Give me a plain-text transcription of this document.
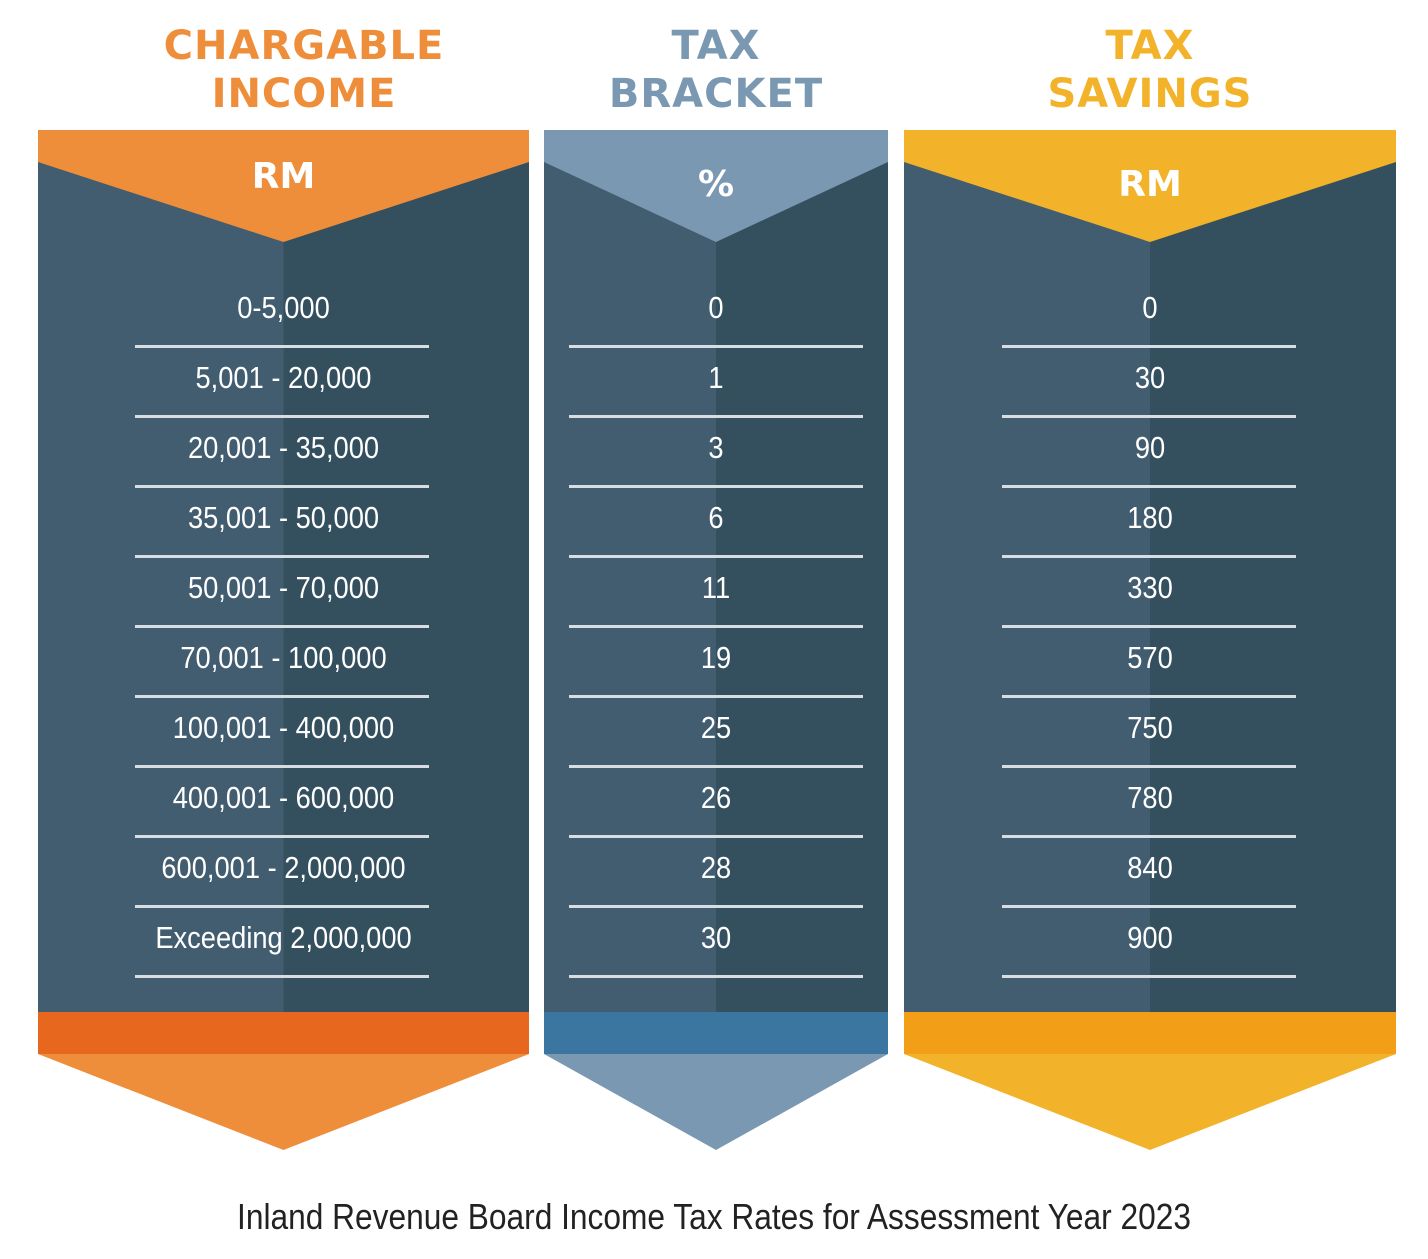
CHARGABLE
INCOME
TAX
BRACKET
TAX
SAVINGS
RM
0-5,000
5,001 - 20,000
20,001 - 35,000
35,001 - 50,000
50,001 - 70,000
70,001 - 100,000
100,001 - 400,000
400,001 - 600,000
600,001 - 2,000,000
Exceeding 2,000,000
%
0
1
3
6
11
19
25
26
28
30
RM
0
30
90
180
330
570
750
780
840
900
Inland Revenue Board Income Tax Rates for Assessment Year 2023
